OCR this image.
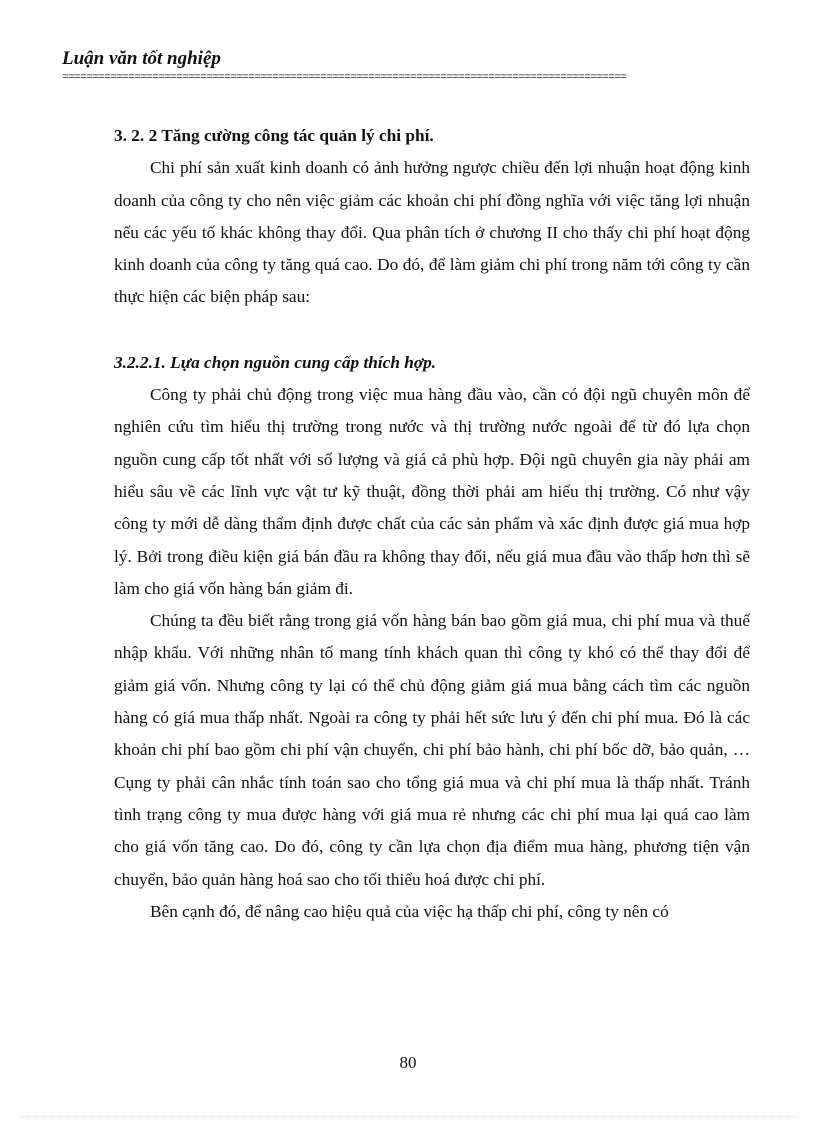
Luận văn tốt nghiệp
==============================================================================================

3. 2. 2 Tăng cường công tác quản lý chi phí.

Chi phí sản xuất kinh doanh có ảnh hưởng ngược chiều đến lợi nhuận hoạt động kinh doanh của công ty cho nên việc giảm các khoản chi phí đồng nghĩa với việc tăng lợi nhuận nếu các yếu tố khác không thay đổi. Qua phân tích ở chương II cho thấy chi phí hoạt động kinh doanh của công ty tăng quá cao. Do đó, để làm giảm chi phí trong năm tới công ty cần thực hiện các biện pháp sau:

3.2.2.1. Lựa chọn nguồn cung cấp thích hợp.

Công ty phải chủ động trong việc mua hàng đầu vào, cần có đội ngũ chuyên môn để nghiên cứu tìm hiểu thị trường trong nước và thị trường nước ngoài để từ đó lựa chọn nguồn cung cấp tốt nhất với số lượng và giá cả phù hợp. Đội ngũ chuyên gia này phải am hiểu sâu về các lĩnh vực vật tư kỹ thuật, đồng thời phải am hiểu thị trường. Có như vậy công ty mới dễ dàng thẩm định được chất của các sản phẩm và xác định được giá mua hợp lý. Bởi trong điều kiện giá bán đầu ra không thay đổi, nếu giá mua đầu vào thấp hơn thì sẽ làm cho giá vốn hàng bán giảm đi.

Chúng ta đều biết rằng trong giá vốn hàng bán bao gồm giá mua, chi phí mua và thuế nhập khẩu. Với những nhân tố mang tính khách quan thì công ty khó có thể thay đổi để giảm giá vốn. Nhưng công ty lại có thể chủ động giảm giá mua bằng cách tìm các nguồn hàng có giá mua thấp nhất. Ngoài ra công ty phải hết sức lưu ý đến chi phí mua. Đó là các khoản chi phí bao gồm chi phí vận chuyển, chi phí bảo hành, chi phí bốc dỡ, bảo quản, …Cụng ty phải cân nhắc tính toán sao cho tổng giá mua và chi phí mua là thấp nhất. Tránh tình trạng công ty mua được hàng với giá mua rẻ nhưng các chi phí mua lại quá cao làm cho giá vốn tăng cao. Do đó, công ty cần lựa chọn địa điểm mua hàng, phương tiện vận chuyển, bảo quản hàng hoá sao cho tối thiểu hoá được chi phí.

Bên cạnh đó, để nâng cao hiệu quả của việc hạ thấp chi phí, công ty nên có

80
